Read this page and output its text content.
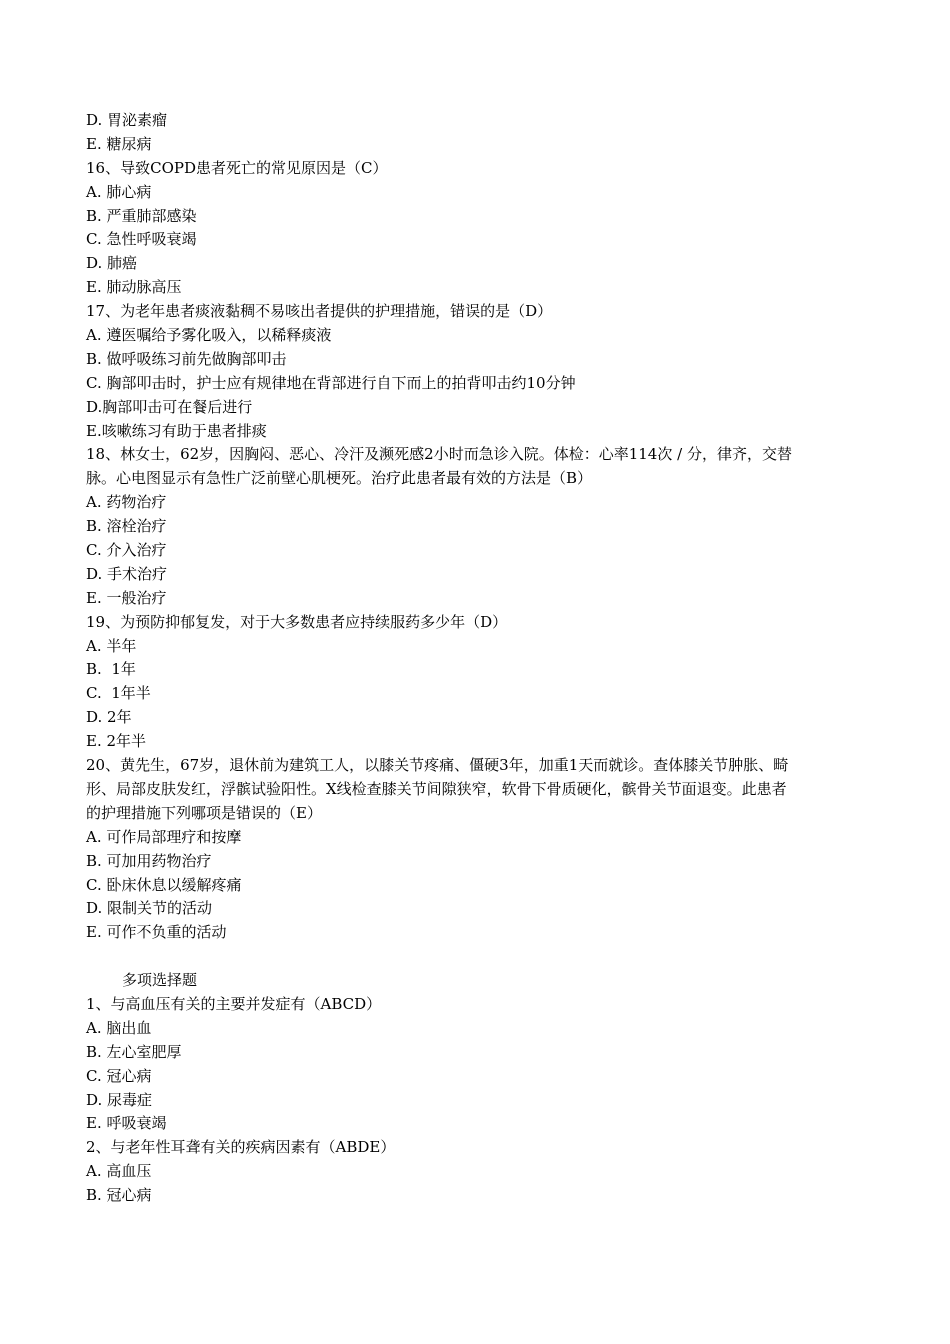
D. 胃泌素瘤
E. 糖尿病
16、导致COPD患者死亡的常见原因是（C）
A. 肺心病
B. 严重肺部感染
C. 急性呼吸衰竭
D. 肺癌
E. 肺动脉高压
17、为老年患者痰液黏稠不易咳出者提供的护理措施，错误的是（D）
A. 遵医嘱给予雾化吸入，以稀释痰液
B. 做呼吸练习前先做胸部叩击
C. 胸部叩击时，护士应有规律地在背部进行自下而上的拍背叩击约10分钟
D.胸部叩击可在餐后进行
E.咳嗽练习有助于患者排痰
18、林女士，62岁，因胸闷、恶心、冷汗及濒死感2小时而急诊入院。体检：心率114次 / 分，律齐，交替
脉。心电图显示有急性广泛前壁心肌梗死。治疗此患者最有效的方法是（B）
A. 药物治疗
B. 溶栓治疗
C. 介入治疗
D. 手术治疗
E. 一般治疗
19、为预防抑郁复发，对于大多数患者应持续服药多少年（D）
A. 半年
B.  1年
C.  1年半
D. 2年
E. 2年半
20、黄先生，67岁，退休前为建筑工人，以膝关节疼痛、僵硬3年，加重1天而就诊。查体膝关节肿胀、畸
形、局部皮肤发红，浮髌试验阳性。X线检查膝关节间隙狭窄，软骨下骨质硬化，髌骨关节面退变。此患者
的护理措施下列哪项是错误的（E）
A. 可作局部理疗和按摩
B. 可加用药物治疗
C. 卧床休息以缓解疼痛
D. 限制关节的活动
E. 可作不负重的活动
多项选择题
1、与高血压有关的主要并发症有（ABCD）
A. 脑出血
B. 左心室肥厚
C. 冠心病
D. 尿毒症
E. 呼吸衰竭
2、与老年性耳聋有关的疾病因素有（ABDE）
A. 高血压
B. 冠心病
